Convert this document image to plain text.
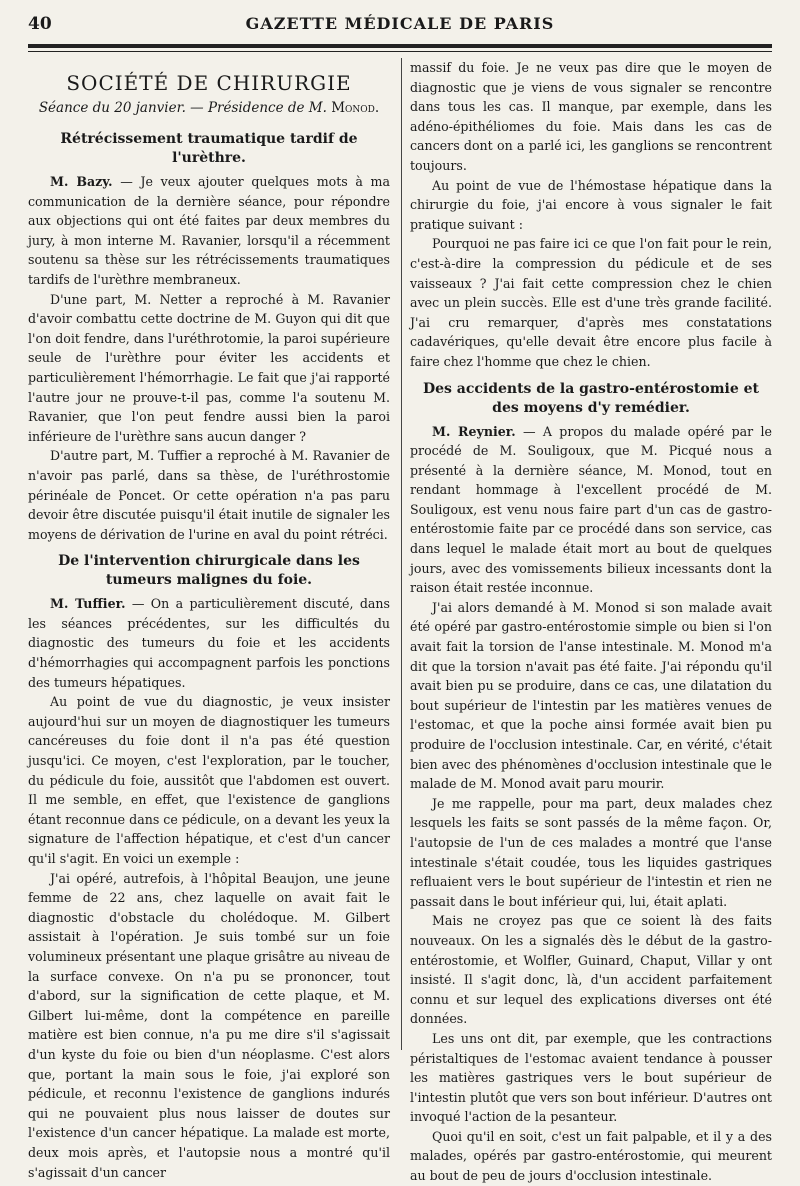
40	GAZETTE MÉDICALE DE PARIS
SOCIÉTÉ DE CHIRURGIE
Séance du 20 janvier. — Présidence de M. Monod.
Rétrécissement traumatique tardif de l'urèthre.

M. Bazy. — Je veux ajouter quelques mots à ma communication de la dernière séance, pour répondre aux objections qui ont été faites par deux membres du jury, à mon interne M. Ravanier, lorsqu'il a récemment soutenu sa thèse sur les rétrécissements traumatiques tardifs de l'urèthre membraneux.

D'une part, M. Netter a reproché à M. Ravanier d'avoir combattu cette doctrine de M. Guyon qui dit que l'on doit fendre, dans l'uréthrotomie, la paroi supérieure seule de l'urèthre pour éviter les accidents et particulièrement l'hémorrhagie. Le fait que j'ai rapporté l'autre jour ne prouve-t-il pas, comme l'a soutenu M. Ravanier, que l'on peut fendre aussi bien la paroi inférieure de l'urèthre sans aucun danger ?

D'autre part, M. Tuffier a reproché à M. Ravanier de n'avoir pas parlé, dans sa thèse, de l'uréthrostomie périnéale de Poncet. Or cette opération n'a pas paru devoir être discutée puisqu'il était inutile de signaler les moyens de dérivation de l'urine en aval du point rétréci.

De l'intervention chirurgicale dans les tumeurs malignes du foie.

M. Tuffier. — On a particulièrement discuté, dans les séances précédentes, sur les difficultés du diagnostic des tumeurs du foie et les accidents d'hémorrhagies qui accompagnent parfois les ponctions des tumeurs hépatiques.

Au point de vue du diagnostic, je veux insister aujourd'hui sur un moyen de diagnostiquer les tumeurs cancéreuses du foie dont il n'a pas été question jusqu'ici. Ce moyen, c'est l'exploration, par le toucher, du pédicule du foie, aussitôt que l'abdomen est ouvert. Il me semble, en effet, que l'existence de ganglions étant reconnue dans ce pédicule, on a devant les yeux la signature de l'affection hépatique, et c'est d'un cancer qu'il s'agit. En voici un exemple :

J'ai opéré, autrefois, à l'hôpital Beaujon, une jeune femme de 22 ans, chez laquelle on avait fait le diagnostic d'obstacle du cholédoque. M. Gilbert assistait à l'opération. Je suis tombé sur un foie volumineux présentant une plaque grisâtre au niveau de la surface convexe. On n'a pu se prononcer, tout d'abord, sur la signification de cette plaque, et M. Gilbert lui-même, dont la compétence en pareille matière est bien connue, n'a pu me dire s'il s'agissait d'un kyste du foie ou bien d'un néoplasme. C'est alors que, portant la main sous le foie, j'ai exploré son pédicule, et reconnu l'existence de ganglions indurés qui ne pouvaient plus nous laisser de doutes sur l'existence d'un cancer hépatique. La malade est morte, deux mois après, et l'autopsie nous a montré qu'il s'agissait d'un cancer

massif du foie. Je ne veux pas dire que le moyen de diagnostic que je viens de vous signaler se rencontre dans tous les cas. Il manque, par exemple, dans les adéno-épithéliomes du foie. Mais dans les cas de cancers dont on a parlé ici, les ganglions se rencontrent toujours.

Au point de vue de l'hémostase hépatique dans la chirurgie du foie, j'ai encore à vous signaler le fait pratique suivant :

Pourquoi ne pas faire ici ce que l'on fait pour le rein, c'est-à-dire la compression du pédicule et de ses vaisseaux ? J'ai fait cette compression chez le chien avec un plein succès. Elle est d'une très grande facilité. J'ai cru remarquer, d'après mes constatations cadavériques, qu'elle devait être encore plus facile à faire chez l'homme que chez le chien.

Des accidents de la gastro-entérostomie et des moyens d'y remédier.

M. Reynier. — A propos du malade opéré par le procédé de M. Souligoux, que M. Picqué nous a présenté à la dernière séance, M. Monod, tout en rendant hommage à l'excellent procédé de M. Souligoux, est venu nous faire part d'un cas de gastro-entérostomie faite par ce procédé dans son service, cas dans lequel le malade était mort au bout de quelques jours, avec des vomissements bilieux incessants dont la raison était restée inconnue.

J'ai alors demandé à M. Monod si son malade avait été opéré par gastro-entérostomie simple ou bien si l'on avait fait la torsion de l'anse intestinale. M. Monod m'a dit que la torsion n'avait pas été faite. J'ai répondu qu'il avait bien pu se produire, dans ce cas, une dilatation du bout supérieur de l'intestin par les matières venues de l'estomac, et que la poche ainsi formée avait bien pu produire de l'occlusion intestinale. Car, en vérité, c'était bien avec des phénomènes d'occlusion intestinale que le malade de M. Monod avait paru mourir.

Je me rappelle, pour ma part, deux malades chez lesquels les faits se sont passés de la même façon. Or, l'autopsie de l'un de ces malades a montré que l'anse intestinale s'était coudée, tous les liquides gastriques refluaient vers le bout supérieur de l'intestin et rien ne passait dans le bout inférieur qui, lui, était aplati.

Mais ne croyez pas que ce soient là des faits nouveaux. On les a signalés dès le début de la gastro-entérostomie, et Wolfler, Guinard, Chaput, Villar y ont insisté. Il s'agit donc, là, d'un accident parfaitement connu et sur lequel des explications diverses ont été données.

Les uns ont dit, par exemple, que les contractions péristaltiques de l'estomac avaient tendance à pousser les matières gastriques vers le bout supérieur de l'intestin plutôt que vers son bout inférieur. D'autres ont invoqué l'action de la pesanteur.

Quoi qu'il en soit, c'est un fait palpable, et il y a des malades, opérés par gastro-entérostomie, qui meurent au bout de peu de jours d'occlusion intestinale.
